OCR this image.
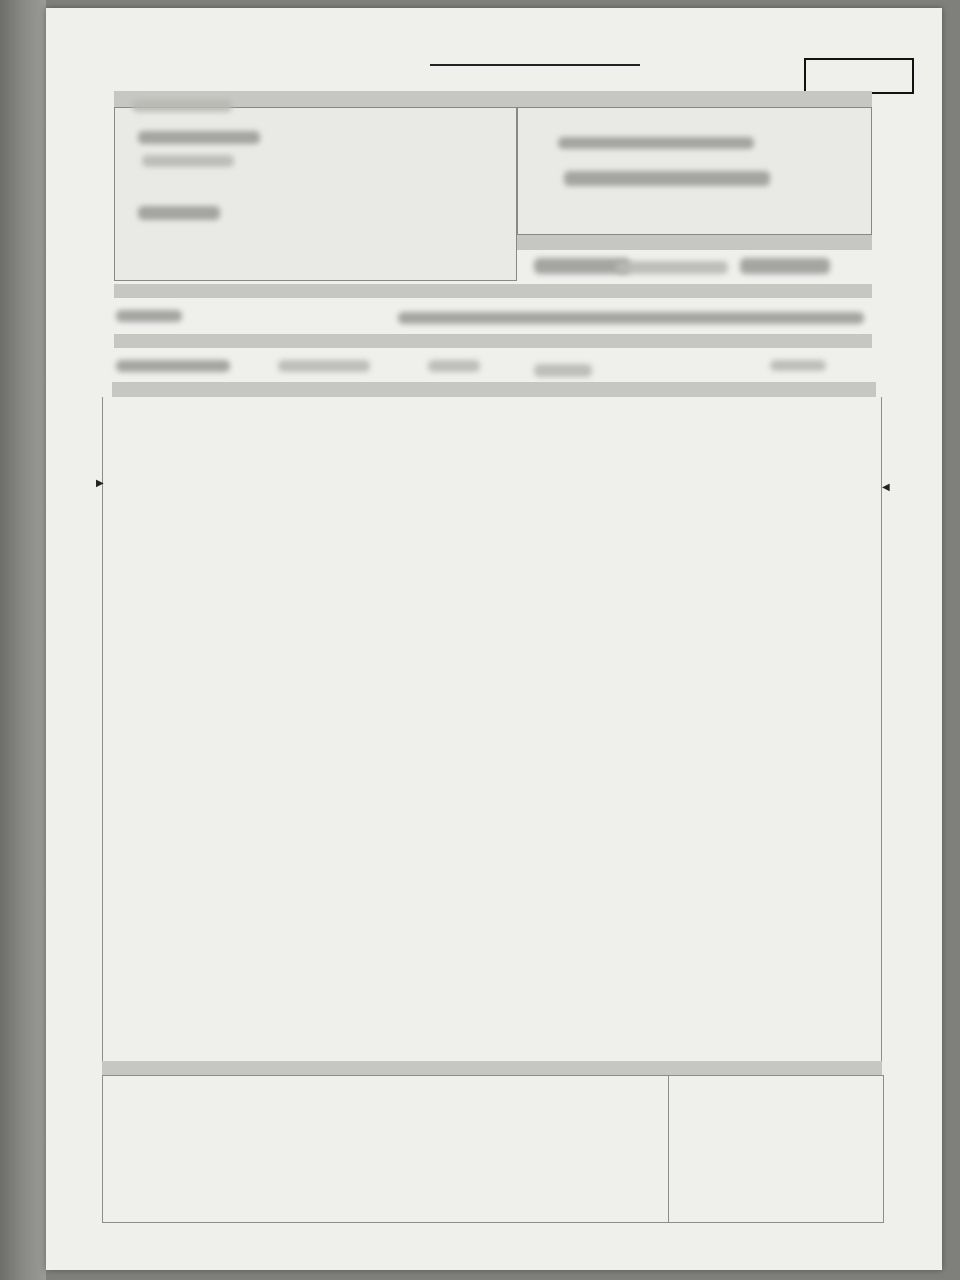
▶	◀
